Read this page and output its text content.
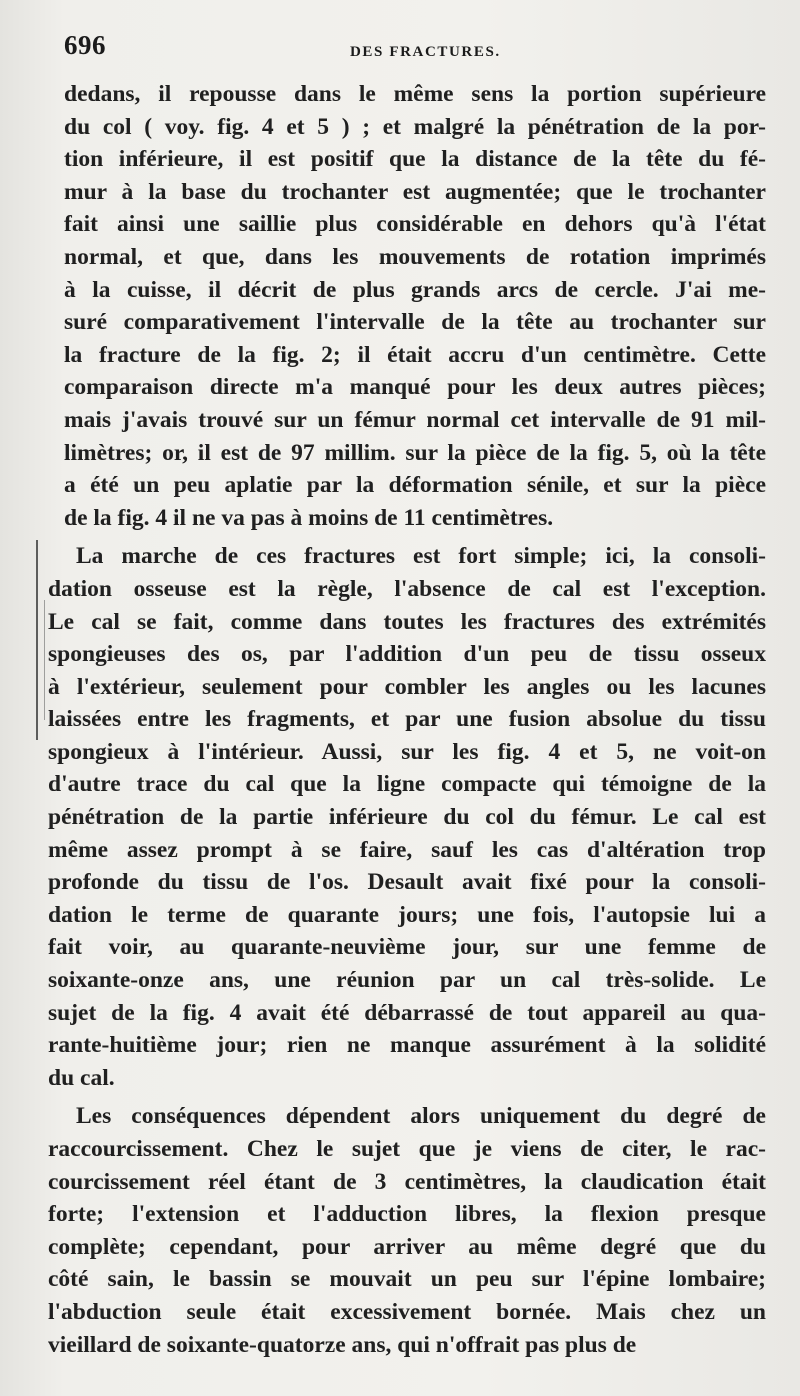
696	DES FRACTURES.
dedans, il repousse dans le même sens la portion supérieure
du col ( voy. fig. 4 et 5 ) ; et malgré la pénétration de la por-
tion inférieure, il est positif que la distance de la tête du fé-
mur à la base du trochanter est augmentée; que le trochanter
fait ainsi une saillie plus considérable en dehors qu'à l'état
normal, et que, dans les mouvements de rotation imprimés
à la cuisse, il décrit de plus grands arcs de cercle. J'ai me-
suré comparativement l'intervalle de la tête au trochanter sur
la fracture de la fig. 2; il était accru d'un centimètre. Cette
comparaison directe m'a manqué pour les deux autres pièces;
mais j'avais trouvé sur un fémur normal cet intervalle de 91 mil-
limètres; or, il est de 97 millim. sur la pièce de la fig. 5, où la tête
a été un peu aplatie par la déformation sénile, et sur la pièce
de la fig. 4 il ne va pas à moins de 11 centimètres.
La marche de ces fractures est fort simple; ici, la consoli-
dation osseuse est la règle, l'absence de cal est l'exception.
Le cal se fait, comme dans toutes les fractures des extrémités
spongieuses des os, par l'addition d'un peu de tissu osseux
à l'extérieur, seulement pour combler les angles ou les lacunes
laissées entre les fragments, et par une fusion absolue du tissu
spongieux à l'intérieur. Aussi, sur les fig. 4 et 5, ne voit-on
d'autre trace du cal que la ligne compacte qui témoigne de la
pénétration de la partie inférieure du col du fémur. Le cal est
même assez prompt à se faire, sauf les cas d'altération trop
profonde du tissu de l'os. Desault avait fixé pour la consoli-
dation le terme de quarante jours; une fois, l'autopsie lui a
fait voir, au quarante-neuvième jour, sur une femme de
soixante-onze ans, une réunion par un cal très-solide. Le
sujet de la fig. 4 avait été débarrassé de tout appareil au qua-
rante-huitième jour; rien ne manque assurément à la solidité
du cal.
Les conséquences dépendent alors uniquement du degré de
raccourcissement. Chez le sujet que je viens de citer, le rac-
courcissement réel étant de 3 centimètres, la claudication était
forte; l'extension et l'adduction libres, la flexion presque
complète; cependant, pour arriver au même degré que du
côté sain, le bassin se mouvait un peu sur l'épine lombaire;
l'abduction seule était excessivement bornée. Mais chez un
vieillard de soixante-quatorze ans, qui n'offrait pas plus de
